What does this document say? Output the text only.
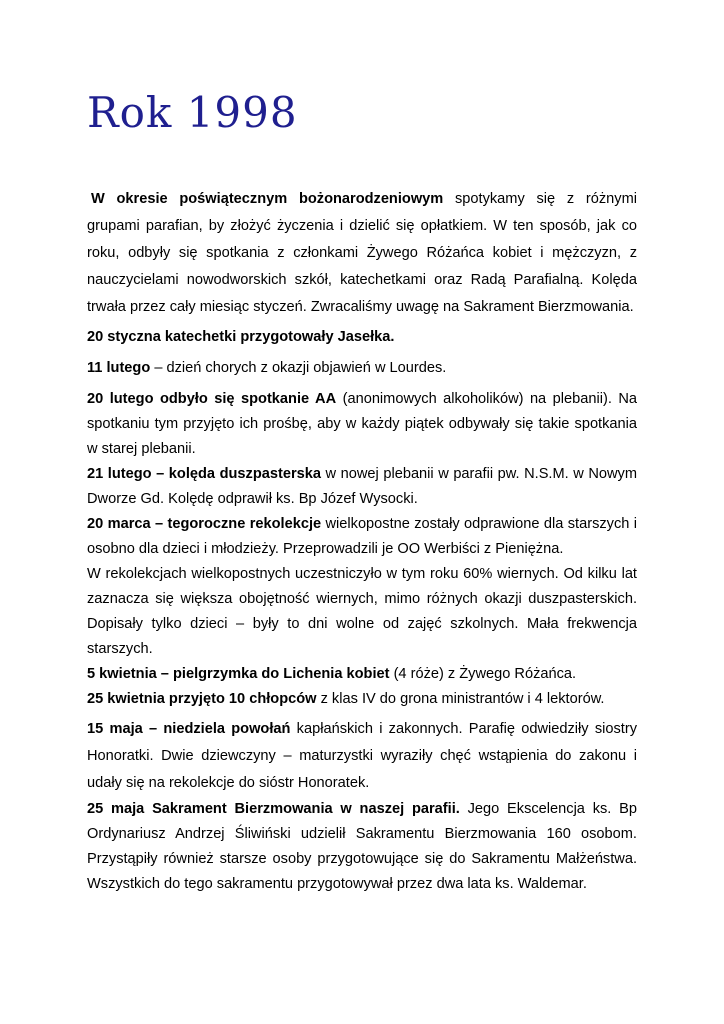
Rok 1998

W okresie poświątecznym bożonarodzeniowym spotykamy się z różnymi grupami parafian, by złożyć życzenia i dzielić się opłatkiem. W ten sposób, jak co roku, odbyły się spotkania z członkami Żywego Różańca kobiet i mężczyzn, z nauczycielami nowodworskich szkół, katechetkami oraz Radą Parafialną. Kolęda trwała przez cały miesiąc styczeń. Zwracaliśmy uwagę na Sakrament Bierzmowania.

20 styczna katechetki przygotowały Jasełka.

11 lutego – dzień chorych z okazji objawień w Lourdes.

20 lutego odbyło się spotkanie AA (anonimowych alkoholików) na plebanii). Na spotkaniu tym przyjęto ich prośbę, aby w każdy piątek odbywały się takie spotkania w starej plebanii.

21 lutego – kolęda duszpasterska w nowej plebanii w parafii pw. N.S.M. w Nowym Dworze Gd. Kolędę odprawił ks. Bp Józef Wysocki.

20 marca – tegoroczne rekolekcje wielkopostne zostały odprawione dla starszych i osobno dla dzieci i młodzieży. Przeprowadzili je OO Werbiści z Pieniężna.

W rekolekcjach wielkopostnych uczestniczyło w tym roku 60% wiernych. Od kilku lat zaznacza się większa obojętność wiernych, mimo różnych okazji duszpasterskich. Dopisały tylko dzieci – były to dni wolne od zajęć szkolnych. Mała frekwencja starszych.

5 kwietnia – pielgrzymka do Lichenia kobiet (4 róże) z Żywego Różańca.

25 kwietnia przyjęto 10 chłopców z klas IV do grona ministrantów i 4 lektorów.

15 maja – niedziela powołań kapłańskich i zakonnych. Parafię odwiedziły siostry Honoratki. Dwie dziewczyny – maturzystki wyraziły chęć wstąpienia do zakonu i udały się na rekolekcje do sióstr Honoratek.

25 maja Sakrament Bierzmowania w naszej parafii. Jego Ekscelencja ks. Bp Ordynariusz Andrzej Śliwiński udzielił Sakramentu Bierzmowania 160 osobom. Przystąpiły również starsze osoby przygotowujące się do Sakramentu Małżeństwa. Wszystkich do tego sakramentu przygotowywał przez dwa lata ks. Waldemar.
